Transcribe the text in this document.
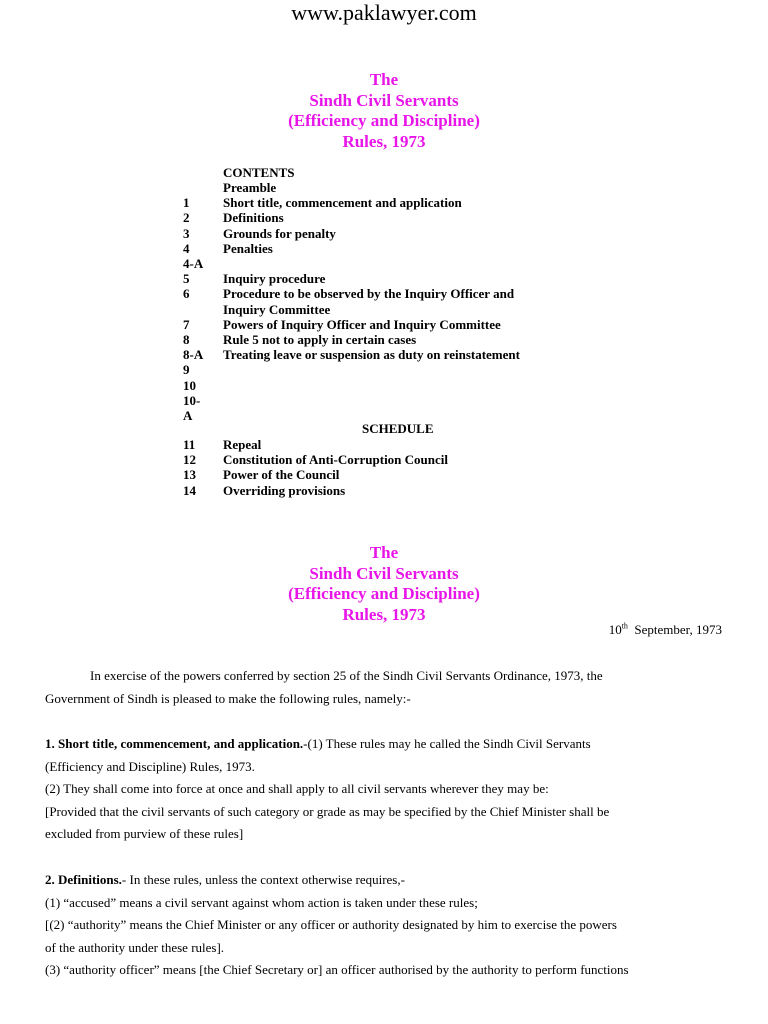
www.paklawyer.com
The
Sindh Civil Servants
(Efficiency and Discipline)
Rules, 1973
CONTENTS
Preamble
1	Short title, commencement and application
2	Definitions
3	Grounds for penalty
4	Penalties
4-A
5	Inquiry procedure
6	Procedure to be observed by the Inquiry Officer and
Inquiry Committee
7	Powers of Inquiry Officer and Inquiry Committee
8	Rule 5 not to apply in certain cases
8-A	Treating leave or suspension as duty on reinstatement
9
10
10-
A
SCHEDULE
11	Repeal
12	Constitution of Anti-Corruption Council
13	Power of the Council
14	Overriding provisions
The
Sindh Civil Servants
(Efficiency and Discipline)
Rules, 1973
10th September, 1973

In exercise of the powers conferred by section 25 of the Sindh Civil Servants Ordinance, 1973, the

Government of Sindh is pleased to make the following rules, namely:-

1. Short title, commencement, and application.-(1) These rules may he called the Sindh Civil Servants

(Efficiency and Discipline) Rules, 1973.

(2) They shall come into force at once and shall apply to all civil servants wherever they may be:

[Provided that the civil servants of such category or grade as may be specified by the Chief Minister shall be

excluded from purview of these rules]

2. Definitions.- In these rules, unless the context otherwise requires,-

(1) “accused” means a civil servant against whom action is taken under these rules;

[(2) “authority” means the Chief Minister or any officer or authority designated by him to exercise the powers

of the authority under these rules].

(3) “authority officer” means [the Chief Secretary or] an officer authorised by the authority to perform functions
